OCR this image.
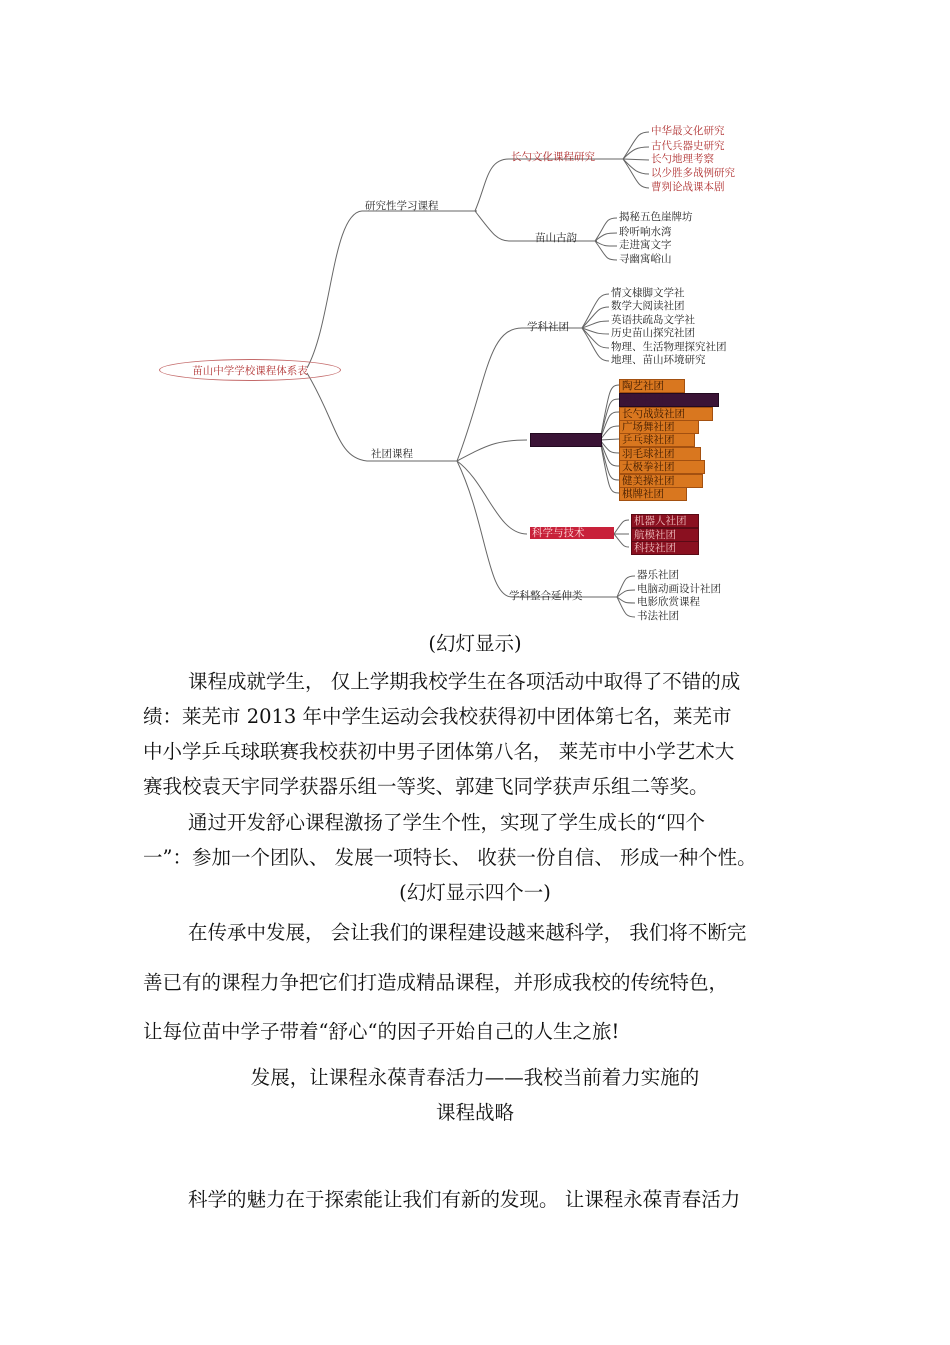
苗山中学学校课程体系表
研究性学习课程
长勺文化课程研究
中华最文化研究
古代兵器史研究
长勺地理考察
以少胜多战例研究
曹刿论战课本剧
苗山古韵
揭秘五色崖牌坊
聆听响水湾
走进寓文字
寻幽寓峪山
社团课程
学科社团
情文棣脚文学社
数学大阅读社团
英语扶疏岛文学社
历史苗山探究社团
物理、生活物理探究社团
地理、苗山环境研究
体育艺术
陶艺社团
舞蹈社团
长勺战鼓社团
广场舞社团
乒乓球社团
羽毛球社团
太极拳社团
健美操社团
棋牌社团
科学与技术
机器人社团
航模社团
科技社团
学科整合延伸类
器乐社团
电脑动画设计社团
电影欣赏课程
书法社团
(幻灯显示)
课程成就学生， 仅上学期我校学生在各项活动中取得了不错的成
绩：莱芜市 2013 年中学生运动会我校获得初中团体第七名，莱芜市
中小学乒乓球联赛我校获初中男子团体第八名， 莱芜市中小学艺术大
赛我校袁天宇同学获器乐组一等奖、郭建飞同学获声乐组二等奖。
通过开发舒心课程激扬了学生个性，实现了学生成长的“四个
一”：参加一个团队、 发展一项特长、 收获一份自信、 形成一种个性。
(幻灯显示四个一)
在传承中发展， 会让我们的课程建设越来越科学， 我们将不断完
善已有的课程力争把它们打造成精品课程，并形成我校的传统特色，
让每位苗中学子带着“舒心“的因子开始自己的人生之旅!
发展，让课程永葆青春活力——我校当前着力实施的
课程战略
科学的魅力在于探索能让我们有新的发现。 让课程永葆青春活力
